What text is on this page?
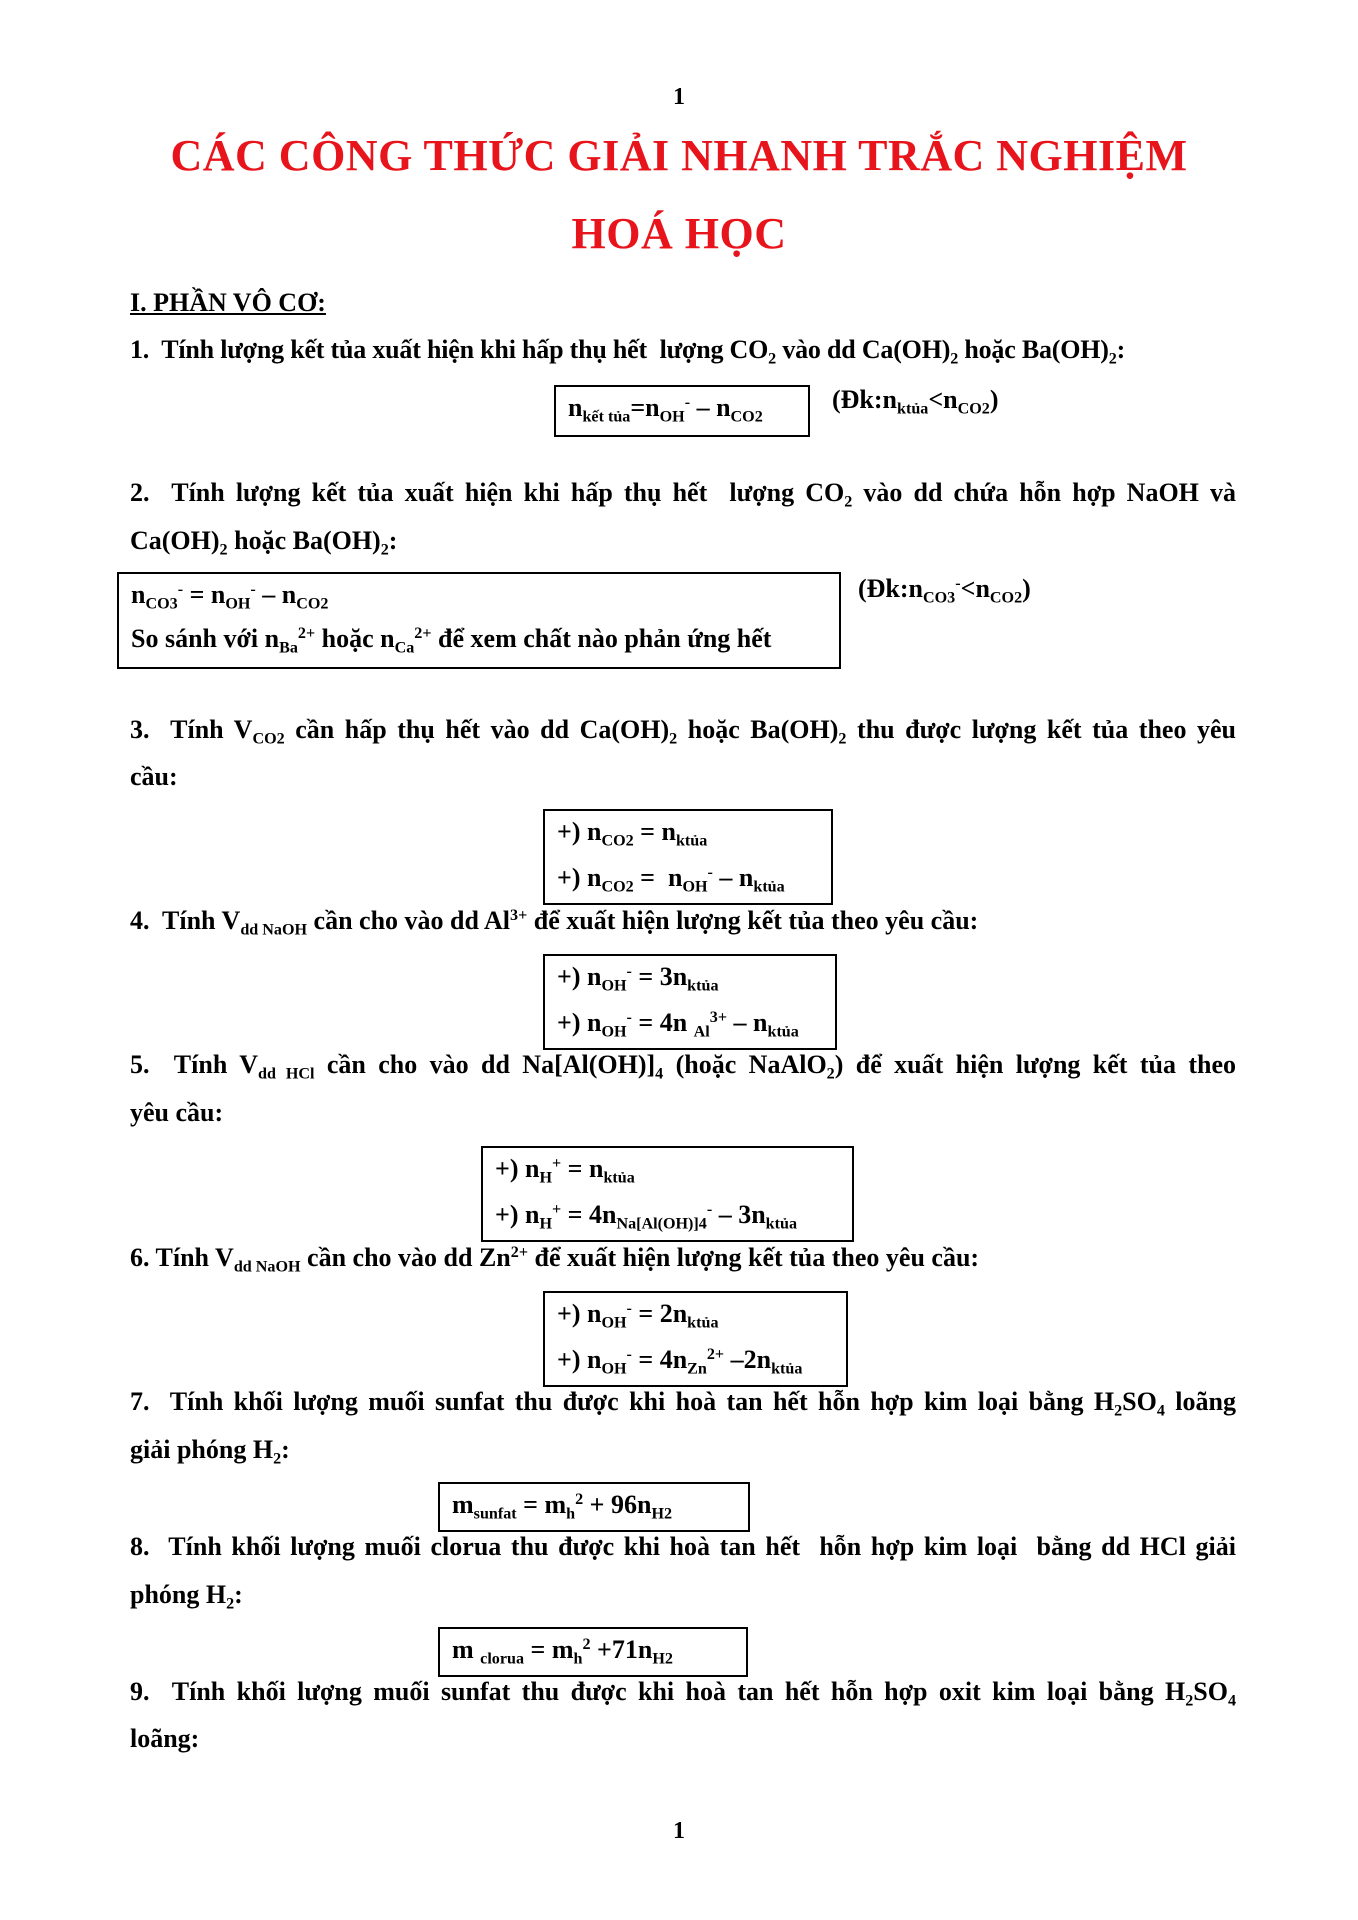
1
CÁC CÔNG THỨC GIẢI NHANH TRẮC NGHIỆM
HOÁ HỌC
I. PHẦN VÔ CƠ:
1.  Tính lượng kết tủa xuất hiện khi hấp thụ hết  lượng $CO_2$ vào dd $Ca(OH)_2$ hoặc $Ba(OH)_2$:
$n_{kết tủa}=n_{OH}^- - n_{CO2}$
$(Đk:n_{ktủa}<n_{CO2})$
2.  Tính lượng kết tủa xuất hiện khi hấp thụ hết  lượng $CO_2$ vào dd chứa hỗn hợp NaOH và
$Ca(OH)_2$ hoặc $Ba(OH)_2$:
$n_{CO3}^- = n_{OH}^- - n_{CO2}$
So sánh với $n_{Ba}^{2+}$ hoặc $n_{Ca}^{2+}$ để xem chất nào phản ứng hết
$(Đk:n_{CO3}^-<n_{CO2})$
3.  Tính $V_{CO2}$ cần hấp thụ hết vào dd $Ca(OH)_2$ hoặc $Ba(OH)_2$ thu được lượng kết tủa theo yêu
cầu:
+) $n_{CO2} = n_{ktủa}$
+) $n_{CO2} = n_{OH}^- - n_{ktủa}$
4.  Tính $V_{dd NaOH}$ cần cho vào dd $Al^{3+}$ để xuất hiện lượng kết tủa theo yêu cầu:
+) $n_{OH}^- = 3n_{ktủa}$
+) $n_{OH}^- = 4n$ $_{Al}^{3+} - n_{ktủa}$
5.  Tính $V_{dd HCl}$ cần cho vào dd $Na[Al(OH)]_4$ (hoặc NaAlO$_2$) để xuất hiện lượng kết tủa theo
yêu cầu:
+) $n_H^+ = n_{ktủa}$
+) $n_H^+ = 4n_{Na[Al(OH)]4}^- - 3n_{ktủa}$
6. Tính $V_{dd NaOH}$ cần cho vào dd $Zn^{2+}$ để xuất hiện lượng kết tủa theo yêu cầu:
+) $n_{OH}^- = 2n_{ktủa}$
+) $n_{OH}^- = 4n_{Zn}^{2+}$ $-2n_{ktủa}$
7.  Tính khối lượng muối sunfat thu được khi hoà tan hết hỗn hợp kim loại bằng $H_2SO_4$ loãng
giải phóng $H_2$:
$m_{sunfat} = m_h^2 + 96n_{H2}$
8.  Tính khối lượng muối clorua thu được khi hoà tan hết  hỗn hợp kim loại  bằng dd HCl giải
phóng $H_2$:
m $_{clorua} = m_h^2 +71n_{H2}$
9.  Tính khối lượng muối sunfat thu được khi hoà tan hết hỗn hợp oxit kim loại bằng $H_2SO_4$
loãng:
1
